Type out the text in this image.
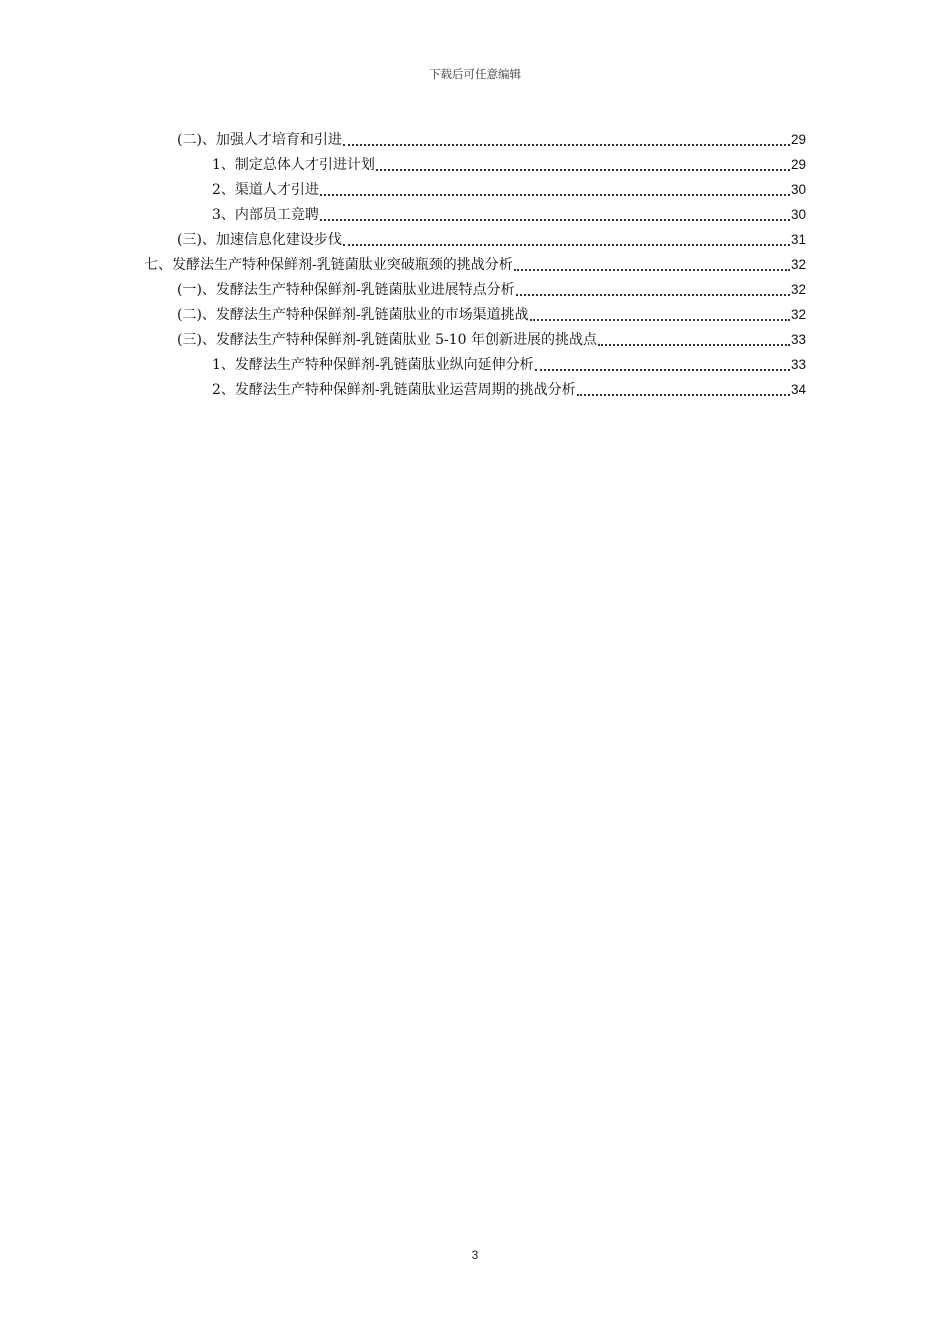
下载后可任意编辑
(二)、加强人才培育和引进	29
1、制定总体人才引进计划	29
2、渠道人才引进	30
3、内部员工竞聘	30
(三)、加速信息化建设步伐	31
七、发酵法生产特种保鲜剂-乳链菌肽业突破瓶颈的挑战分析	32
(一)、发酵法生产特种保鲜剂-乳链菌肽业进展特点分析	32
(二)、发酵法生产特种保鲜剂-乳链菌肽业的市场渠道挑战	32
(三)、发酵法生产特种保鲜剂-乳链菌肽业 5-10 年创新进展的挑战点	33
1、发酵法生产特种保鲜剂-乳链菌肽业纵向延伸分析	33
2、发酵法生产特种保鲜剂-乳链菌肽业运营周期的挑战分析	34
3
